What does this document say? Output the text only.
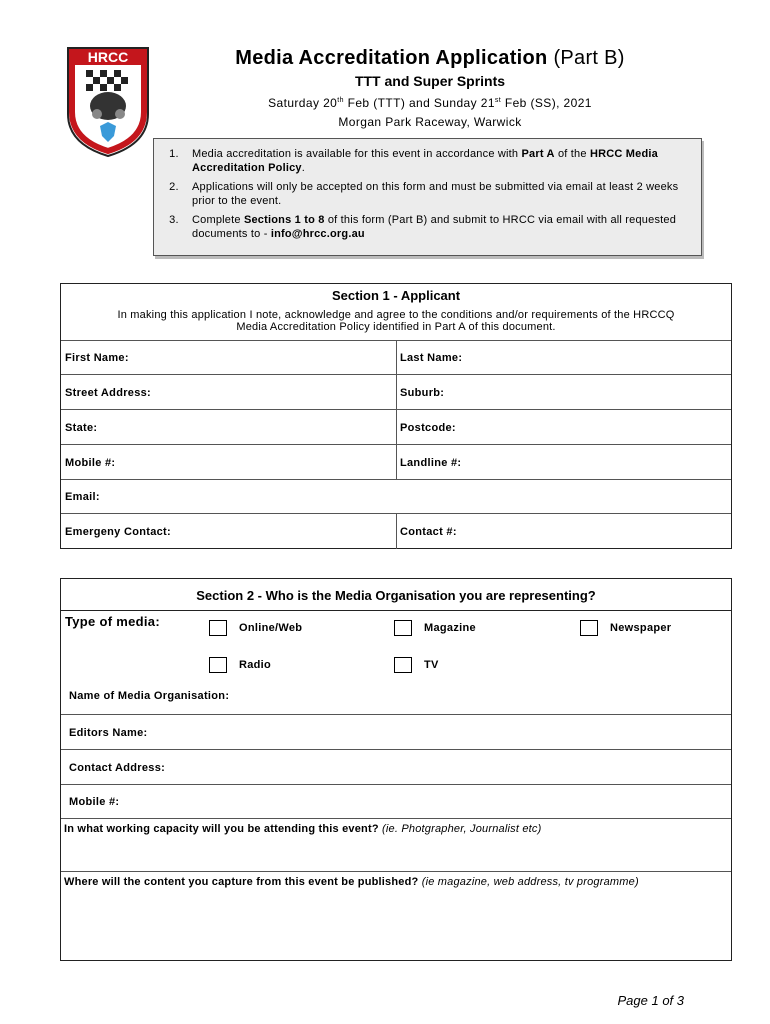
HRCC	Media Accreditation Application (Part B)
TTT and Super Sprints
Saturday 20th Feb (TTT) and Sunday 21st Feb (SS), 2021
Morgan Park Raceway, Warwick
1. Media accreditation is available for this event in accordance with Part A of the HRCC Media Accreditation Policy.
2. Applications will only be accepted on this form and must be submitted via email at least 2 weeks prior to the event.
3. Complete Sections 1 to 8 of this form (Part B) and submit to HRCC via email with all requested documents to - info@hrcc.org.au
Section 1 - Applicant
In making this application I note, acknowledge and agree to the conditions and/or requirements of the HRCCQ Media Accreditation Policy identified in Part A of this document.
First Name:	Last Name:
Street Address:	Suburb:
State:	Postcode:
Mobile #:	Landline #:
Email:
Emergeny Contact:	Contact #:
Section 2 - Who is the Media Organisation you are representing?
Type of media:	Online/Web	Magazine	Newspaper
Radio	TV
Name of Media Organisation:
Editors Name:
Contact Address:
Mobile #:
In what working capacity will you be attending this event? (ie. Photgrapher, Journalist etc)
Where will the content you capture from this event be published? (ie magazine, web address, tv programme)
Page 1 of 3
